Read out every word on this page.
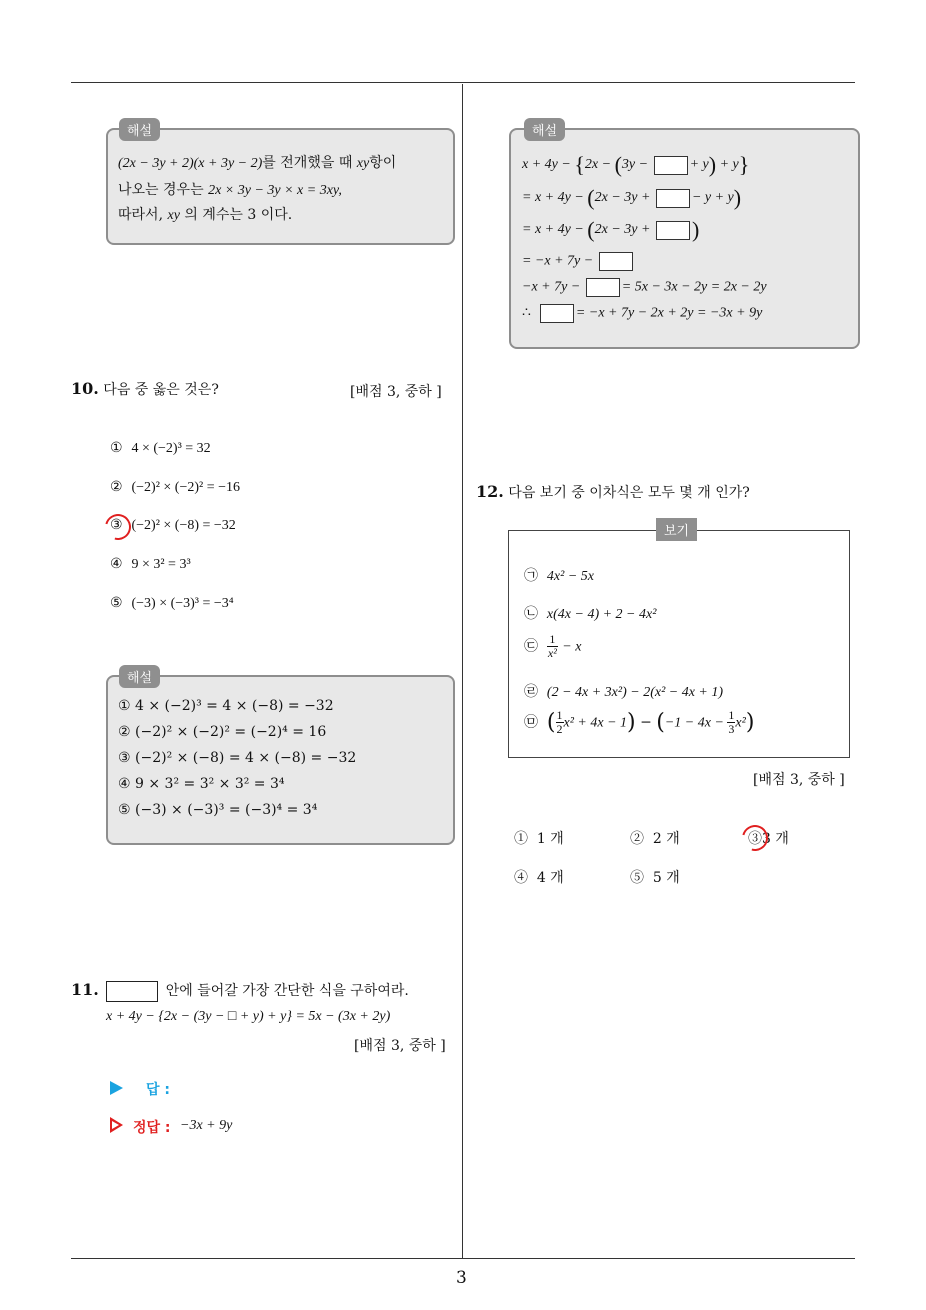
해설
(2x − 3y + 2)(x + 3y − 2)를 전개했을 때 xy항이
나오는 경우는 2x × 3y − 3y × x = 3xy,
따라서, xy 의 계수는 3 이다.
10. 다음 중 옳은 것은?	[배점 3, 중하 ]
① 4 × (−2)³ = 32
② (−2)² × (−2)² = −16
③ (−2)² × (−8) = −32
④ 9 × 3² = 3³
⑤ (−3) × (−3)³ = −3⁴
해설
① 4 × (−2)³ = 4 × (−8) = −32
② (−2)² × (−2)² = (−2)⁴ = 16
③ (−2)² × (−8) = 4 × (−8) = −32
④ 9 × 3² = 3² × 3² = 3⁴
⑤ (−3) × (−3)³ = (−3)⁴ = 3⁴
11.	안에 들어갈 가장 간단한 식을 구하여라.
x + 4y − {2x − (3y − □ + y) + y} = 5x − (3x + 2y)
[배점 3, 중하 ]
답 :
정답 : −3x + 9y
해설
x + 4y − {2x − (3y −	+ y) + y}
= x + 4y − (2x − 3y +	− y + y)
= x + 4y − (2x − 3y + )
= −x + 7y −
−x + 7y −	= 5x − 3x − 2y = 2x − 2y
∴	= −x + 7y − 2x + 2y = −3x + 9y
12. 다음 보기 중 이차식은 모두 몇 개 인가?
보기
㉠ 4x² − 5x
㉡ x(4x − 4) + 2 − 4x²
㉢ $\frac{1}{\text{x²}} - x$
㉣ (2 − 4x + 3x²) − 2(x² − 4x + 1)
㉤ ( $\frac{1}{2} x^2 + 4x - 1) - (-1 - 4x - \frac{1}{3} x^2)$
[배점 3, 중하 ]
① 1 개	② 2 개	③3 개
④ 4 개	⑤ 5 개
3
